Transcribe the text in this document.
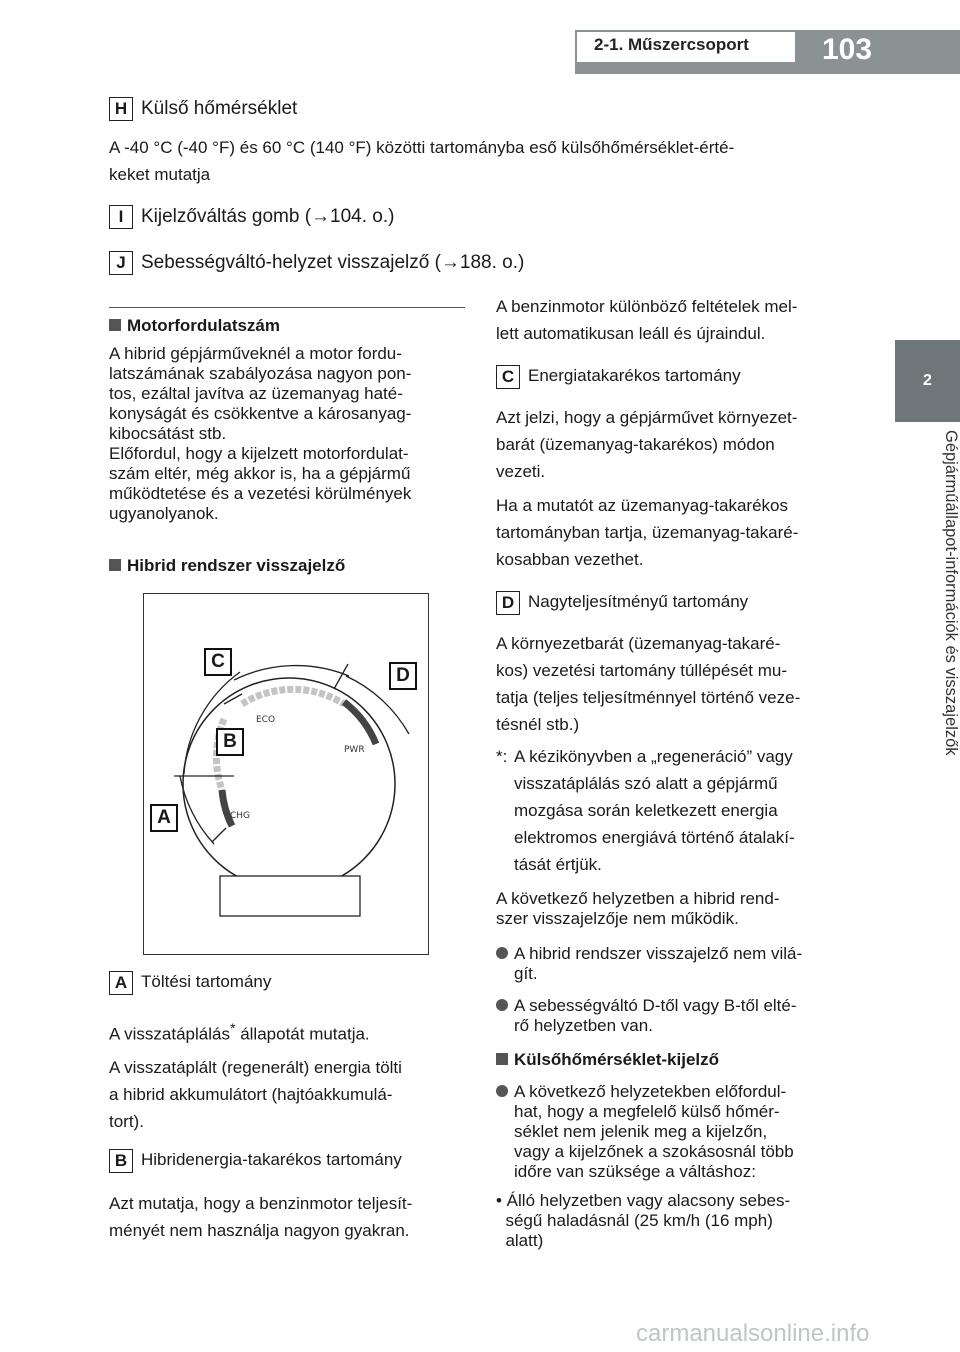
2-1. Műszercsoport 103
2
Gépjárműállapot-információk és visszajelzők
H Külső hőmérséklet
A -40 °C (-40 °F) és 60 °C (140 °F) közötti tartományba eső külsőhőmérséklet-érté-
keket mutatja
I Kijelzőváltás gomb (→104. o.)
J Sebességváltó-helyzet visszajelző (→188. o.)
Motorfordulatszám
A hibrid gépjárműveknél a motor fordu-
latszámának szabályozása nagyon pon-
tos, ezáltal javítva az üzemanyag haté-
konyságát és csökkentve a károsanyag-
kibocsátást stb.
Előfordul, hogy a kijelzett motorfordulat-
szám eltér, még akkor is, ha a gépjármű
működtetése és a vezetési körülmények
ugyanolyanok.
Hibrid rendszer visszajelző
ECO
PWR
CHG
C
D
B
A
A Töltési tartomány
A visszatáplálás* állapotát mutatja.
A visszatáplált (regenerált) energia tölti
a hibrid akkumulátort (hajtóakkumulá-
tort).
B Hibridenergia-takarékos tartomány
Azt mutatja, hogy a benzinmotor teljesít-
ményét nem használja nagyon gyakran.
A benzinmotor különböző feltételek mel-
lett automatikusan leáll és újraindul.
C Energiatakarékos tartomány
Azt jelzi, hogy a gépjárművet környezet-
barát (üzemanyag-takarékos) módon
vezeti.
Ha a mutatót az üzemanyag-takarékos
tartományban tartja, üzemanyag-takaré-
kosabban vezethet.
D Nagyteljesítményű tartomány
A környezetbarát (üzemanyag-takaré-
kos) vezetési tartomány túllépését mu-
tatja (teljes teljesítménnyel történő veze-
tésnél stb.)
*: A kézikönyvben a „regeneráció” vagy
visszatáplálás szó alatt a gépjármű
mozgása során keletkezett energia
elektromos energiává történő átalakí-
tását értjük.
A következő helyzetben a hibrid rend-
szer visszajelzője nem működik.
A hibrid rendszer visszajelző nem vilá-
gít.
A sebességváltó D-től vagy B-től elté-
rő helyzetben van.
Külsőhőmérséklet-kijelző
A következő helyzetekben előfordul-
hat, hogy a megfelelő külső hőmér-
séklet nem jelenik meg a kijelzőn,
vagy a kijelzőnek a szokásosnál több
időre van szüksége a váltáshoz:
• Álló helyzetben vagy alacsony sebes-
ségű haladásnál (25 km/h (16 mph)
alatt)
carmanualsonline.info
